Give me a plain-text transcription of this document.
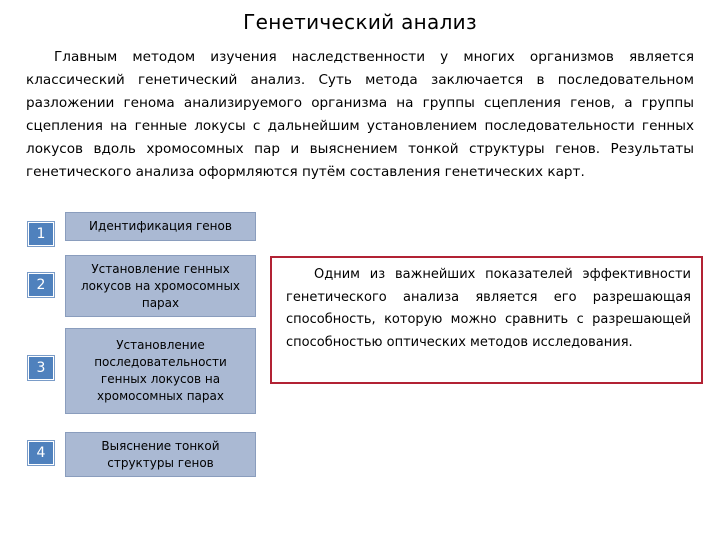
Генетический анализ

Главным методом изучения наследственности у многих организмов является классический генетический анализ. Суть метода заключается в последовательном разложении генома анализируемого организма на группы сцепления генов, а группы сцепления на генные локусы с дальнейшим установлением последовательности генных локусов вдоль хромосомных пар и выяснением тонкой структуры генов. Результаты генетического анализа оформляются путём составления генетических карт.

1	Идентификация генов
2
Установление генных локусов на хромосомных парах
3
Установление последовательности генных локусов на хромосомных парах
4	Выяснение тонкой структуры генов
Одним из важнейших показателей эффективности генетического анализа является его разрешающая способность, которую можно сравнить с разрешающей способностью оптических методов исследования.
